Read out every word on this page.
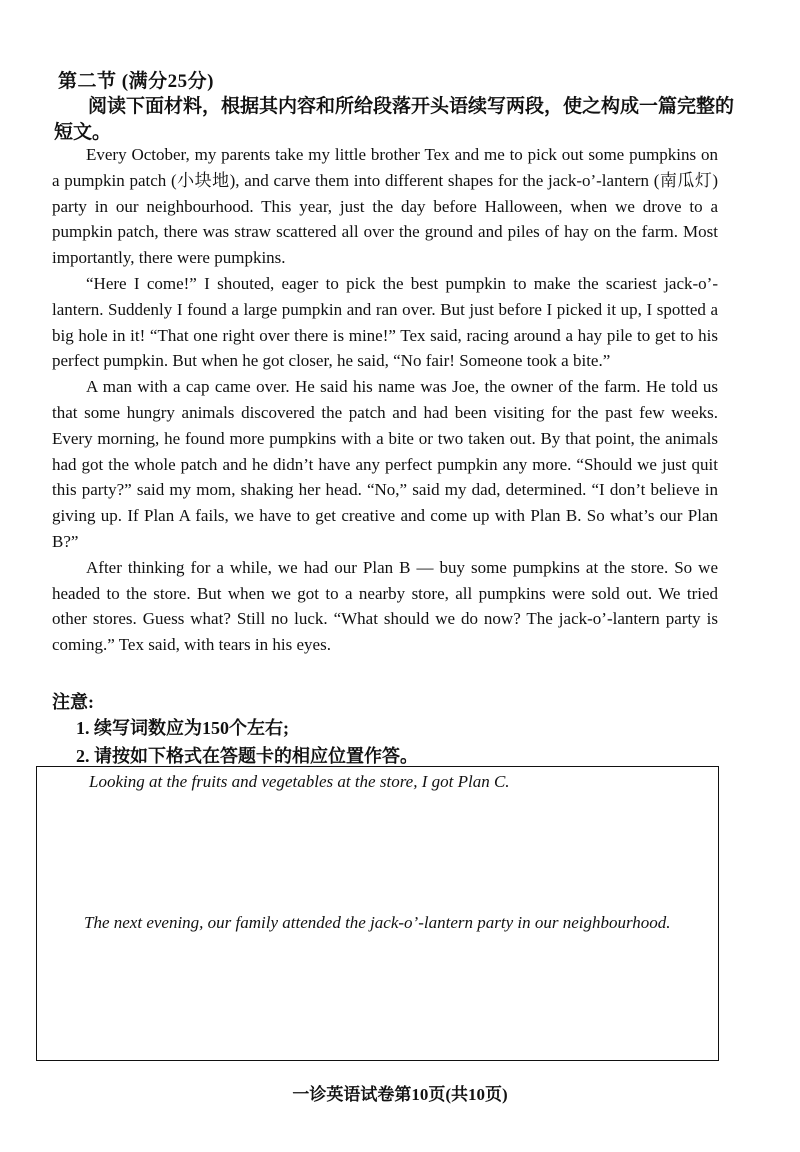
第二节 (满分25分)
阅读下面材料，根据其内容和所给段落开头语续写两段，使之构成一篇完整的短文。

Every October, my parents take my little brother Tex and me to pick out some pumpkins on a pumpkin patch (小块地), and carve them into different shapes for the jack-o’-lantern (南瓜灯) party in our neighbourhood. This year, just the day before Halloween, when we drove to a pumpkin patch, there was straw scattered all over the ground and piles of hay on the farm. Most importantly, there were pumpkins.

“Here I come!” I shouted, eager to pick the best pumpkin to make the scariest jack-o’-lantern. Suddenly I found a large pumpkin and ran over. But just before I picked it up, I spotted a big hole in it! “That one right over there is mine!” Tex said, racing around a hay pile to get to his perfect pumpkin. But when he got closer, he said, “No fair! Someone took a bite.”

A man with a cap came over. He said his name was Joe, the owner of the farm. He told us that some hungry animals discovered the patch and had been visiting for the past few weeks. Every morning, he found more pumpkins with a bite or two taken out. By that point, the animals had got the whole patch and he didn’t have any perfect pumpkin any more. “Should we just quit this party?” said my mom, shaking her head. “No,” said my dad, determined. “I don’t believe in giving up. If Plan A fails, we have to get creative and come up with Plan B. So what’s our Plan B?”

After thinking for a while, we had our Plan B — buy some pumpkins at the store. So we headed to the store. But when we got to a nearby store, all pumpkins were sold out. We tried other stores. Guess what? Still no luck. “What should we do now? The jack-o’-lantern party is coming.” Tex said, with tears in his eyes.

注意:
1. 续写词数应为150个左右;
2. 请按如下格式在答题卡的相应位置作答。
Looking at the fruits and vegetables at the store, I got Plan C.
The next evening, our family attended the jack-o’-lantern party in our neighbourhood.
一诊英语试卷第10页(共10页)
